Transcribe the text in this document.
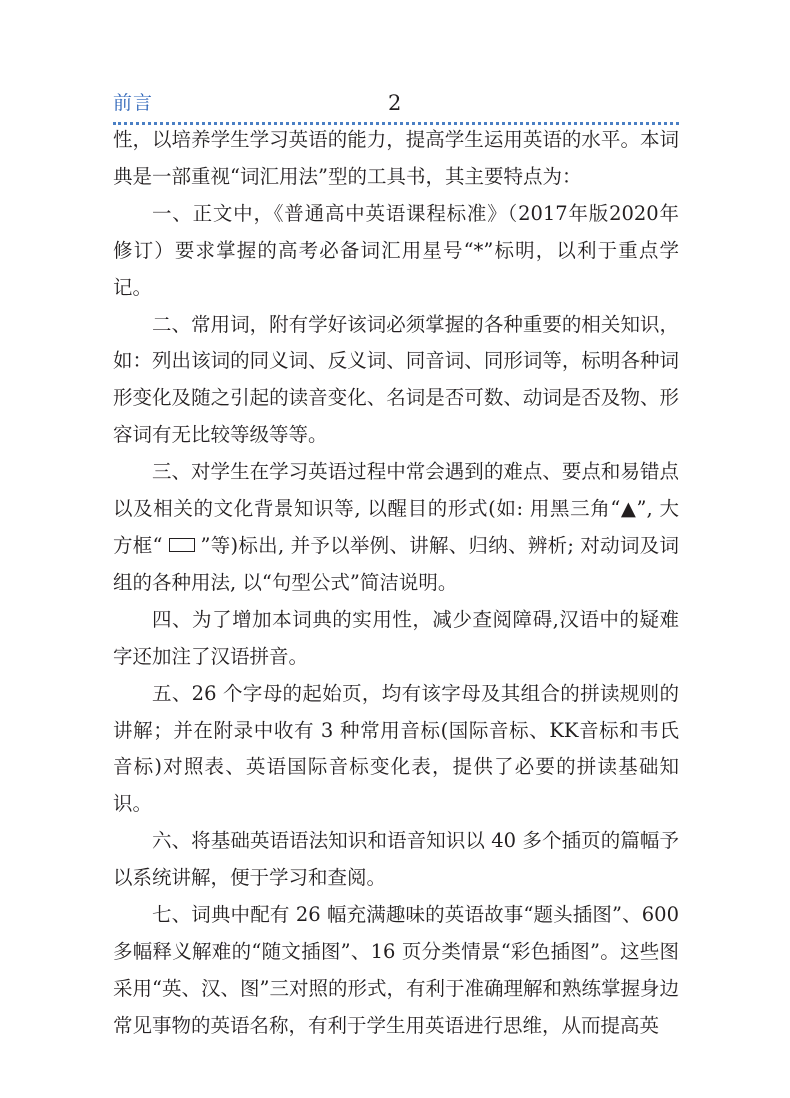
前言	2

性，以培养学生学习英语的能力，提高学生运用英语的水平。本词典是一部重视“词汇用法”型的工具书，其主要特点为：

一、正文中，《普通高中英语课程标准》（2017年版2020年修订）要求掌握的高考必备词汇用星号“*”标明，以利于重点学记。

二、常用词，附有学好该词必须掌握的各种重要的相关知识，如：列出该词的同义词、反义词、同音词、同形词等，标明各种词形变化及随之引起的读音变化、名词是否可数、动词是否及物、形容词有无比较等级等等。

三、对学生在学习英语过程中常会遇到的难点、要点和易错点以及相关的文化背景知识等, 以醒目的形式(如: 用黑三角“▲”, 大方框“ ”等)标出, 并予以举例、讲解、归纳、辨析; 对动词及词组的各种用法, 以“句型公式”简洁说明。

四、为了增加本词典的实用性，减少查阅障碍,汉语中的疑难字还加注了汉语拼音。

五、26 个字母的起始页，均有该字母及其组合的拼读规则的讲解；并在附录中收有 3 种常用音标(国际音标、KK音标和韦氏音标)对照表、英语国际音标变化表，提供了必要的拼读基础知识。

六、将基础英语语法知识和语音知识以 40 多个插页的篇幅予以系统讲解，便于学习和查阅。

七、词典中配有 26 幅充满趣味的英语故事“题头插图”、600 多幅释义解难的“随文插图”、16 页分类情景“彩色插图”。这些图采用“英、汉、图”三对照的形式，有利于准确理解和熟练掌握身边常见事物的英语名称，有利于学生用英语进行思维，从而提高英
